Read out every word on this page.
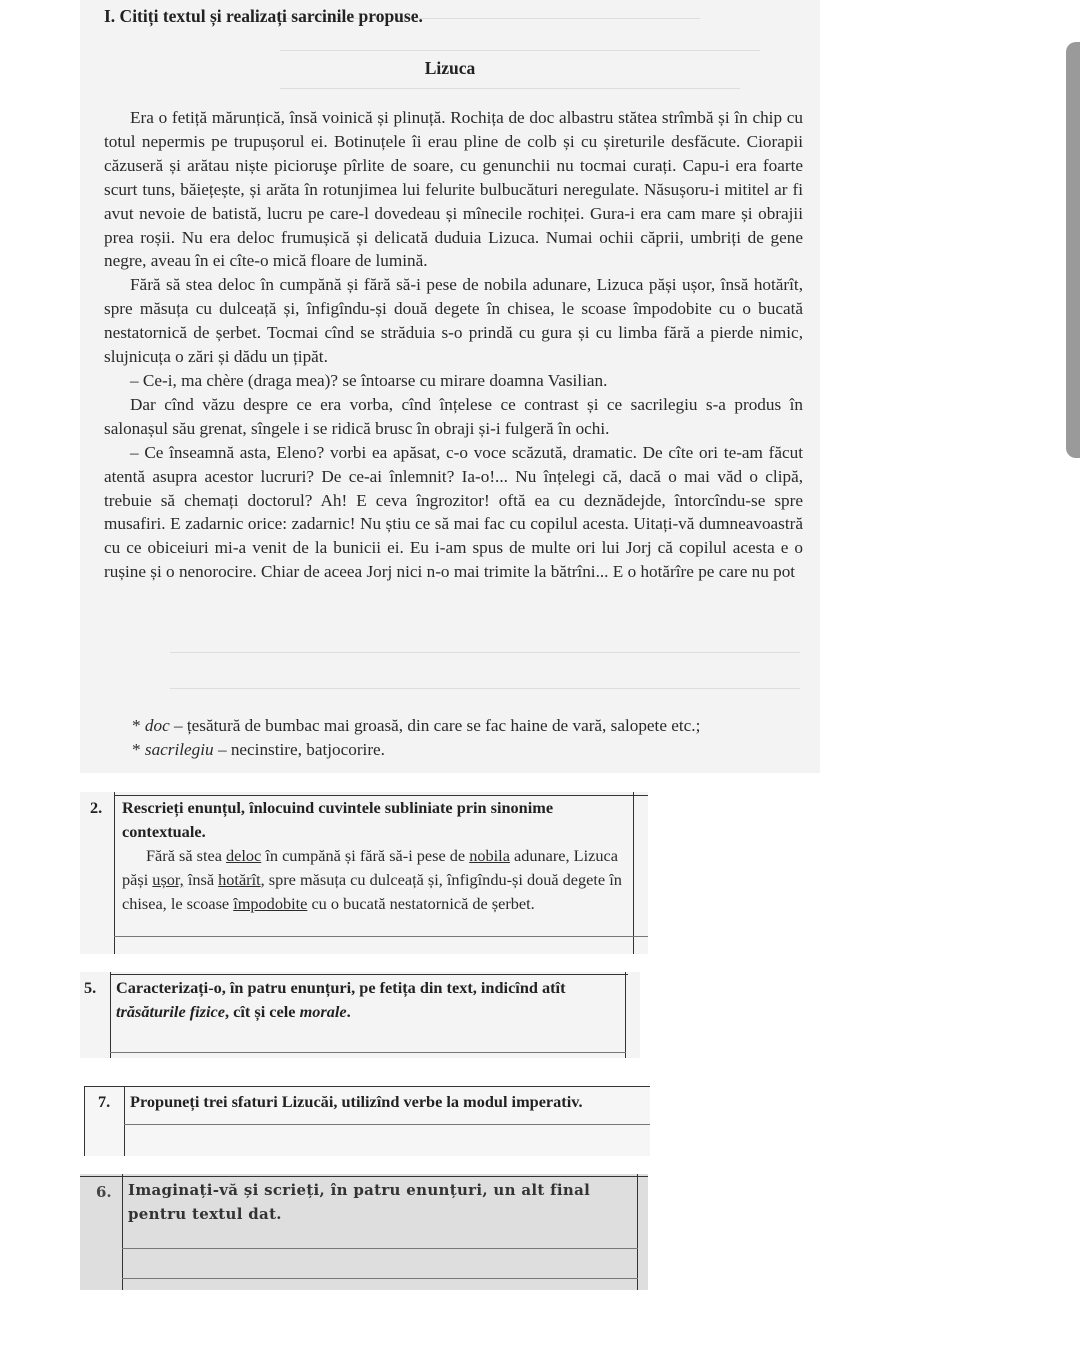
I. Citiți textul și realizați sarcinile propuse.
Lizuca

Era o fetiță mărunțică, însă voinică și plinuță. Rochița de doc albastru stătea strîmbă și în chip cu totul nepermis pe trupușorul ei. Botinuțele îi erau pline de colb și cu șireturile desfăcute. Ciorapii căzuseră și arătau niște picioruşe pîrlite de soare, cu genunchii nu tocmai curați. Capu-i era foarte scurt tuns, băiețește, și arăta în rotunjimea lui felurite bulbucături neregulate. Năsușoru-i mititel ar fi avut nevoie de batistă, lucru pe care-l dovedeau și mînecile rochiței. Gura-i era cam mare și obrajii prea roșii. Nu era deloc frumușică și delicată duduia Lizuca. Numai ochii căprii, umbriți de gene negre, aveau în ei cîte-o mică floare de lumină.

Fără să stea deloc în cumpănă și fără să-i pese de nobila adunare, Lizuca păși ușor, însă hotărît, spre măsuța cu dulceață și, înfigîndu-și două degete în chisea, le scoase împodobite cu o bucată nestatornică de șerbet. Tocmai cînd se străduia s-o prindă cu gura și cu limba fără a pierde nimic, slujnicuța o zări și dădu un țipăt.

– Ce-i, ma chère (draga mea)? se întoarse cu mirare doamna Vasilian.

Dar cînd văzu despre ce era vorba, cînd înțelese ce contrast și ce sacrilegiu s-a produs în salonașul său grenat, sîngele i se ridică brusc în obraji și-i fulgeră în ochi.

– Ce înseamnă asta, Eleno? vorbi ea apăsat, c-o voce scăzută, dramatic. De cîte ori te-am făcut atentă asupra acestor lucruri? De ce-ai înlemnit? Ia-o!... Nu înțelegi că, dacă o mai văd o clipă, trebuie să chemați doctorul? Ah! E ceva îngrozitor! oftă ea cu deznădejde, întorcîndu-se spre musafiri. E zadarnic orice: zadarnic! Nu știu ce să mai fac cu copilul acesta. Uitați-vă dumneavoastră cu ce obiceiuri mi-a venit de la bunicii ei. Eu i-am spus de multe ori lui Jorj că copilul acesta e o rușine și o nenorocire. Chiar de aceea Jorj nici n-o mai trimite la bătrîni... E o hotărîre pe care nu pot

* doc – țesătură de bumbac mai groasă, din care se fac haine de vară, salopete etc.;
* sacrilegiu – necinstire, batjocorire.
2. Rescrieți enunțul, înlocuind cuvintele subliniate prin sinonime contextuale.
Fără să stea deloc în cumpănă și fără să-i pese de nobila adunare, Lizuca păși ușor, însă hotărît, spre măsuța cu dulceață și, înfigîndu-și două degete în chisea, le scoase împodobite cu o bucată nestatornică de șerbet.
5. Caracterizați-o, în patru enunțuri, pe fetița din text, indicînd atît trăsăturile fizice, cît și cele morale.
7. Propuneți trei sfaturi Lizucăi, utilizînd verbe la modul imperativ.
6. Imaginați-vă și scrieți, în patru enunțuri, un alt final pentru textul dat.
